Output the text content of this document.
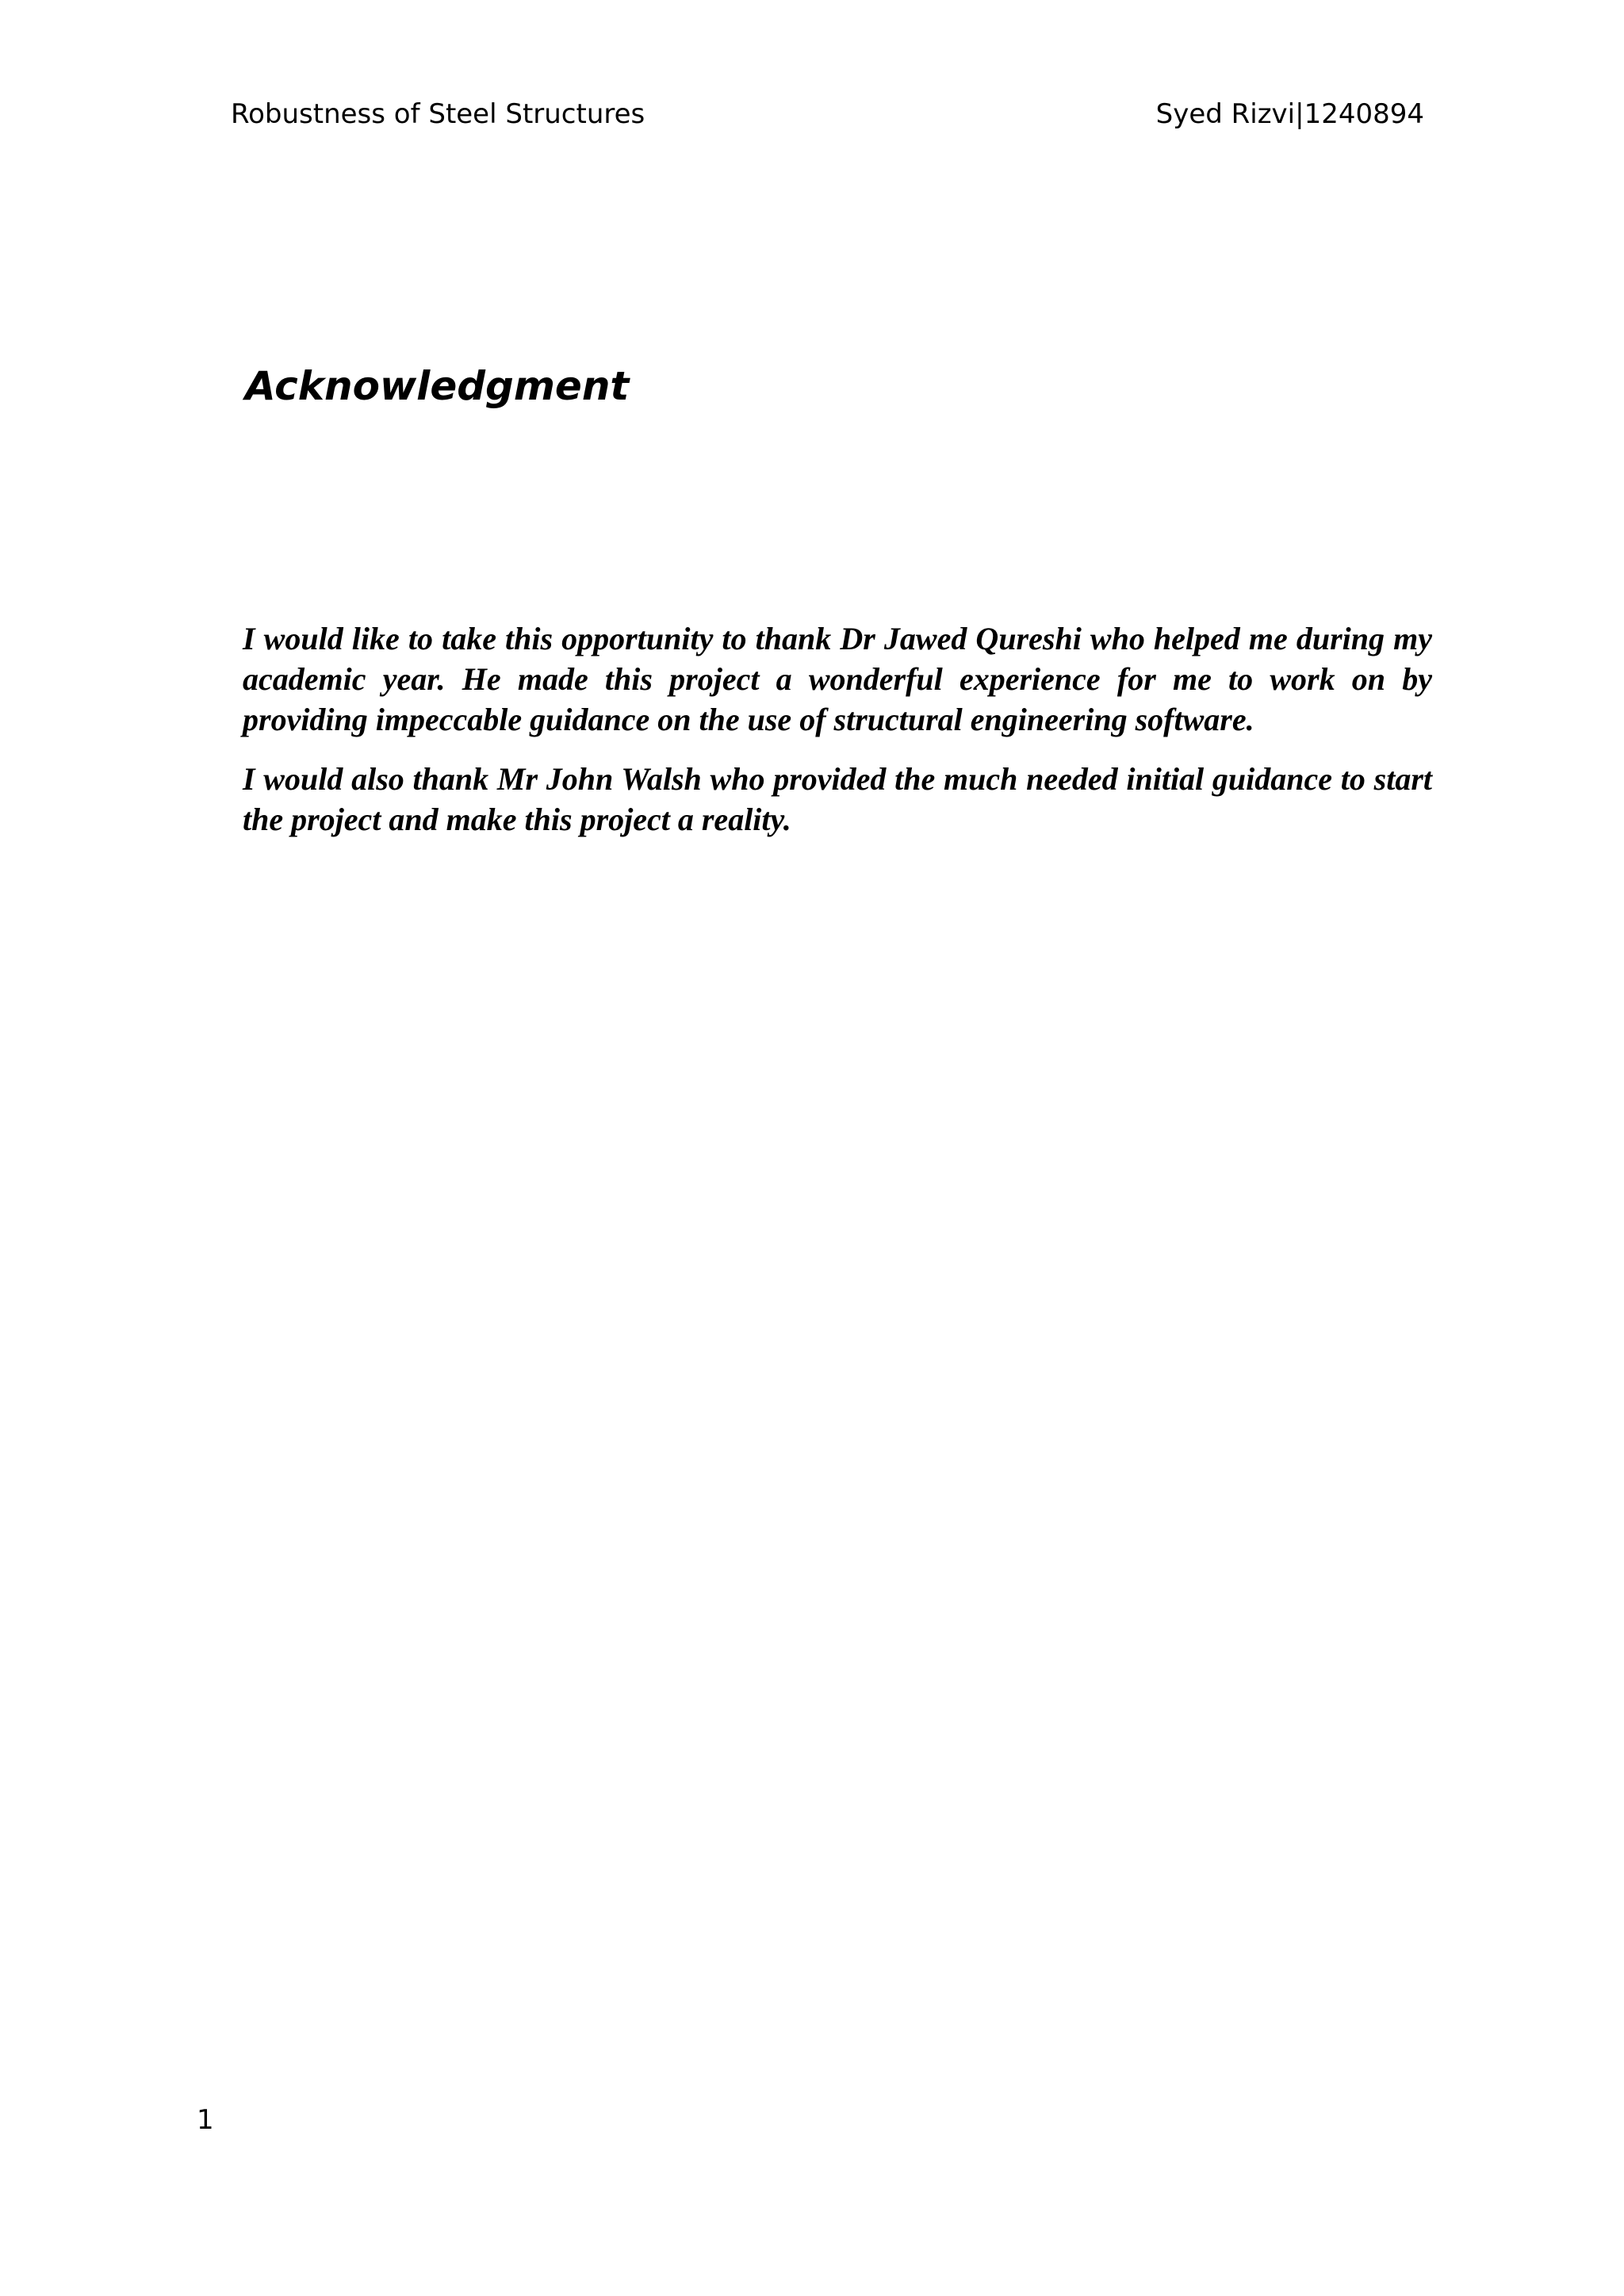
Robustness of Steel Structures	Syed Rizvi|1240894
Acknowledgment

I would like to take this opportunity to thank Dr Jawed Qureshi who helped me during my academic year. He made this project a wonderful experience for me to work on by providing impeccable guidance on the use of structural engineering software.

I would also thank Mr John Walsh who provided the much needed initial guidance to start the project and make this project a reality.

1
